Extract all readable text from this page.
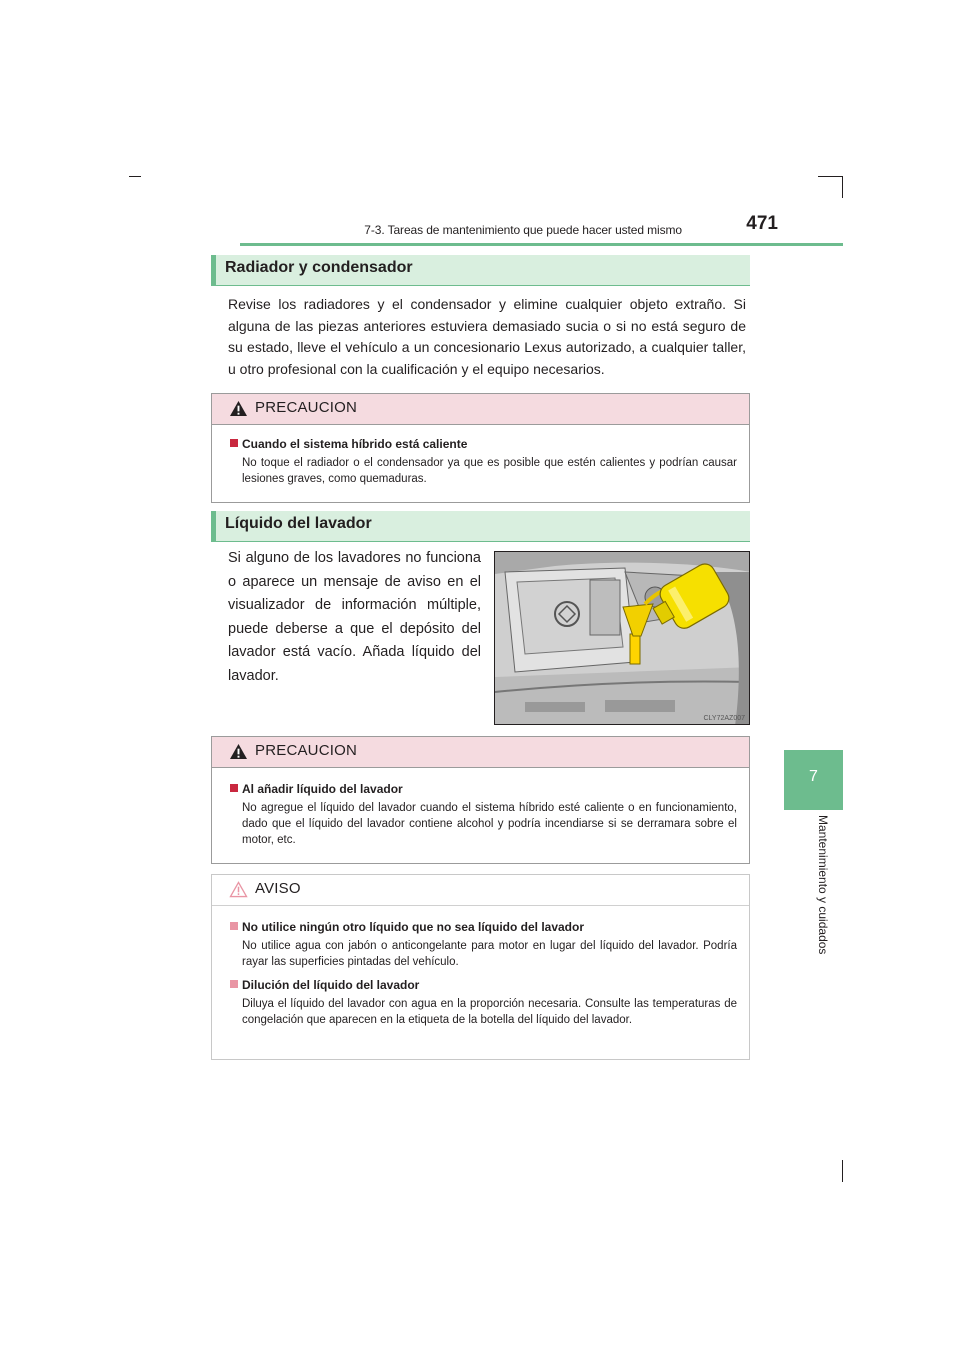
7-3. Tareas de mantenimiento que puede hacer usted mismo	471
7
Mantenimiento y cuidados
Radiador y condensador
Revise los radiadores y el condensador y elimine cualquier objeto extraño. Si alguna de las piezas anteriores estuviera demasiado sucia o si no está seguro de su estado, lleve el vehículo a un concesionario Lexus autorizado, a cualquier taller, u otro profesional con la cualificación y el equipo necesarios.
PRECAUCION
Cuando el sistema híbrido está caliente
No toque el radiador o el condensador ya que es posible que estén calientes y podrían causar lesiones graves, como quemaduras.
Líquido del lavador
Si alguno de los lavadores no funciona o aparece un mensaje de aviso en el visualizador de información múltiple, puede deberse a que el depósito del lavador está vacío. Añada líquido del lavador.
CLY72AZ007
PRECAUCION
Al añadir líquido del lavador
No agregue el líquido del lavador cuando el sistema híbrido esté caliente o en funcionamiento, dado que el líquido del lavador contiene alcohol y podría incendiarse si se derramara sobre el motor, etc.
AVISO
No utilice ningún otro líquido que no sea líquido del lavador
No utilice agua con jabón o anticongelante para motor en lugar del líquido del lavador. Podría rayar las superficies pintadas del vehículo.
Dilución del líquido del lavador
Diluya el líquido del lavador con agua en la proporción necesaria. Consulte las temperaturas de congelación que aparecen en la etiqueta de la botella del líquido del lavador.
